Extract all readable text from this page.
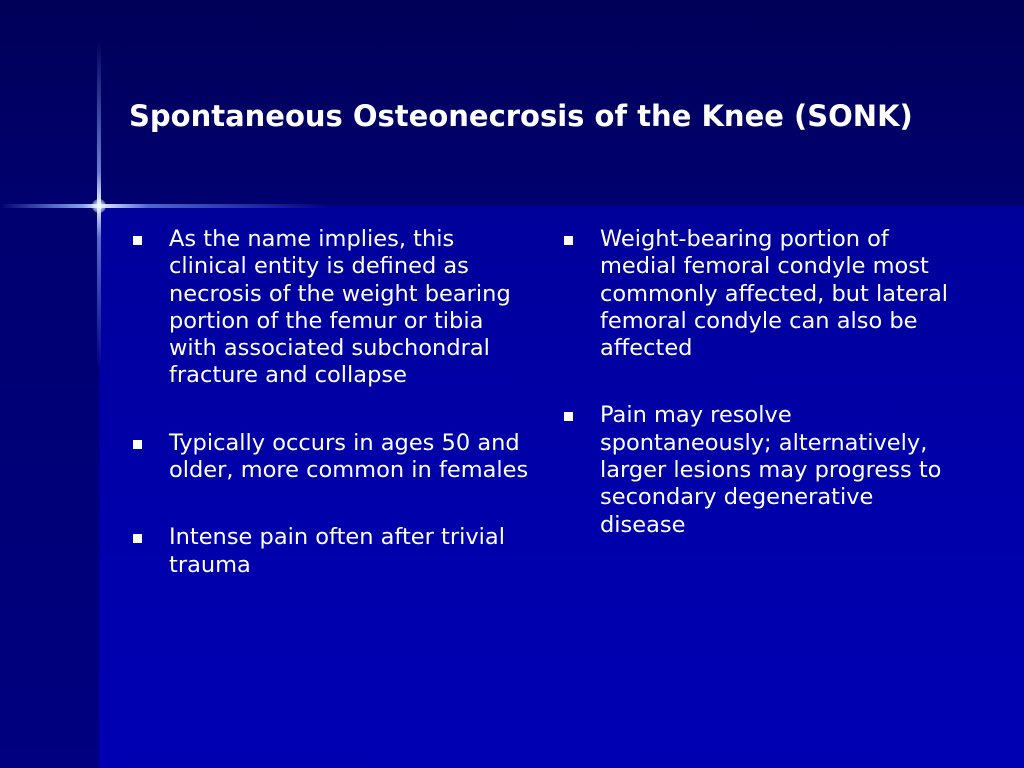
Spontaneous Osteonecrosis of the Knee (SONK)
As the name implies, this clinical entity is defined as necrosis of the weight bearing portion of the femur or tibia with associated subchondral fracture and collapse
Typically occurs in ages 50 and older, more common in females
Intense pain often after trivial trauma
Weight-bearing portion of medial femoral condyle most commonly affected, but lateral femoral condyle can also be affected
Pain may resolve spontaneously; alternatively, larger lesions may progress to secondary degenerative disease
